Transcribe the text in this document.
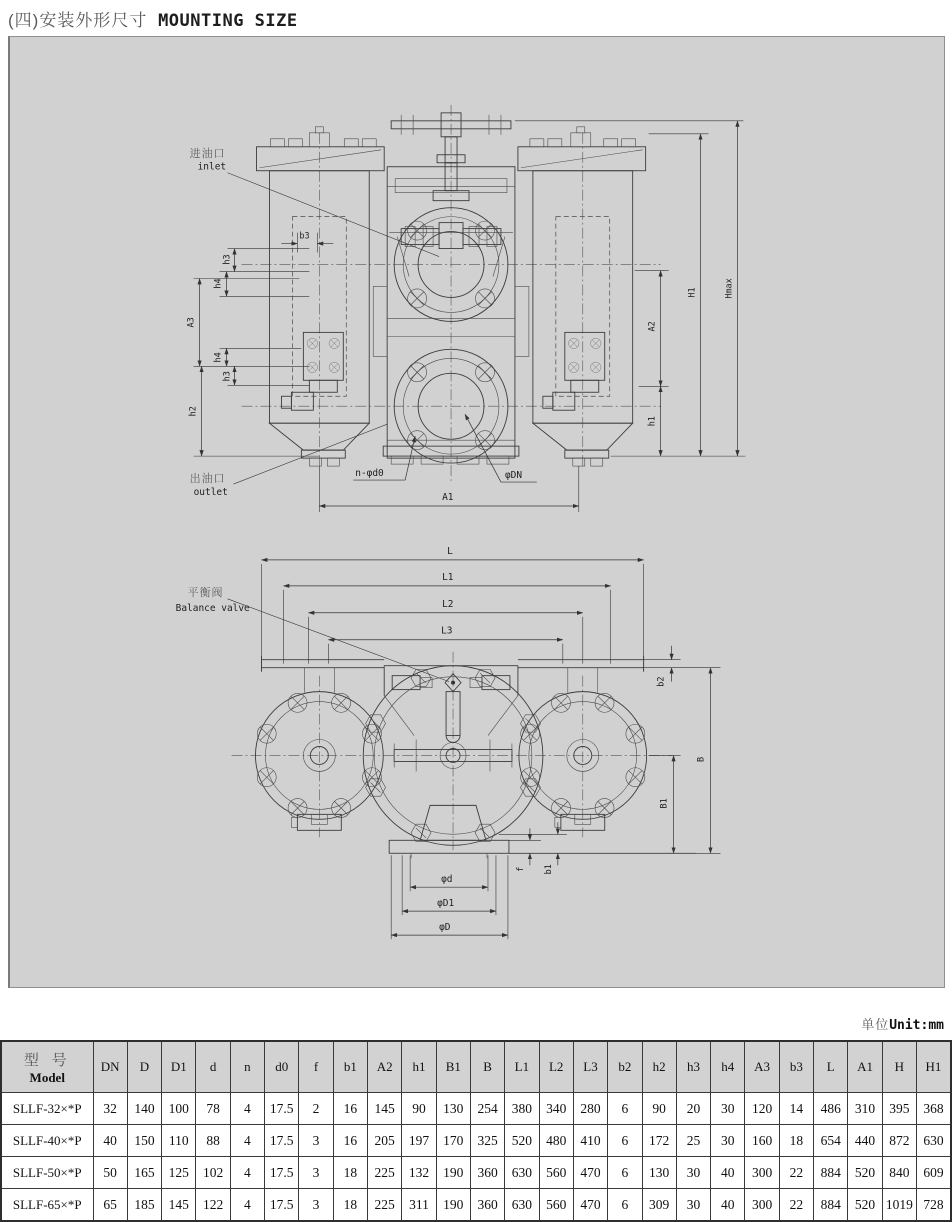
(四)安装外形尺寸 MOUNTING SIZE
进油口
inlet
出油口
outlet
n-φd0	φDN
b3
h3
h4
A3
h4
h3
h2
A2
h1
H1	Hmax
A1
L
L1
L2
L3
平衡阀
Balance valve
b2
B
B1
f b1
φd
φD1
φD
单位Unit:mm
型 号
Model	DN	D	D1	d	n	d0	f	b1	A2	h1	B1	B	L1	L2	L3	b2	h2	h3	h4	A3	b3	L	A1	H	H1
SLLF-32×*P	32	140	100	78	4	17.5	2	16	145	90	130	254	380	340	280	6	90	20	30	120	14	486	310	395	368
SLLF-40×*P	40	150	110	88	4	17.5	3	16	205	197	170	325	520	480	410	6	172	25	30	160	18	654	440	872	630
SLLF-50×*P	50	165	125	102	4	17.5	3	18	225	132	190	360	630	560	470	6	130	30	40	300	22	884	520	840	609
SLLF-65×*P	65	185	145	122	4	17.5	3	18	225	311	190	360	630	560	470	6	309	30	40	300	22	884	520	1019	728
